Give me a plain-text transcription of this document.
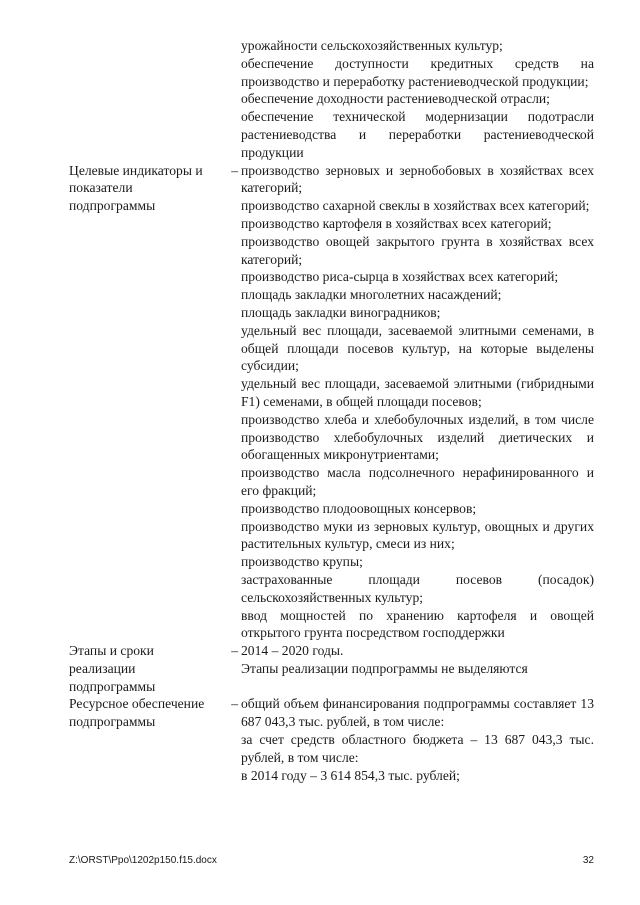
урожайности сельскохозяйственных культур;

обеспечение доступности кредитных средств на производство и переработку растениеводческой продукции;

обеспечение доходности растениеводческой отрасли;

обеспечение технической модернизации подотрасли растениеводства и переработки растениеводческой продукции

Целевые индикаторы и показатели подпрограммы
– производство зерновых и зернобобовых в хозяйствах всех категорий;

производство сахарной свеклы в хозяйствах всех категорий;

производство картофеля в хозяйствах всех категорий;

производство овощей закрытого грунта в хозяйствах всех категорий;

производство риса-сырца в хозяйствах всех категорий;

площадь закладки многолетних насаждений;

площадь закладки виноградников;

удельный вес площади, засеваемой элитными семенами, в общей площади посевов культур, на которые выделены субсидии;

удельный вес площади, засеваемой элитными (гибридными F1) семенами, в общей площади посевов;

производство хлеба и хлебобулочных изделий, в том числе производство хлебобулочных изделий диетических и обогащенных микронутриентами;

производство масла подсолнечного нерафинированного и его фракций;

производство плодоовощных консервов;

производство муки из зерновых культур, овощных и других растительных культур, смеси из них;

производство крупы;

застрахованные площади посевов (посадок) сельскохозяйственных культур;

ввод мощностей по хранению картофеля и овощей открытого грунта посредством господдержки

Этапы и сроки реализации подпрограммы
– 2014 – 2020 годы.

Этапы реализации подпрограммы не выделяются

Ресурсное обеспечение подпрограммы
– общий объем финансирования подпрограммы составляет 13 687 043,3 тыс. рублей, в том числе:

за счет средств областного бюджета – 13 687 043,3 тыс. рублей, в том числе:

в 2014 году – 3 614 854,3 тыс. рублей;

Z:\ORST\Ppo\1202p150.f15.docx	32
